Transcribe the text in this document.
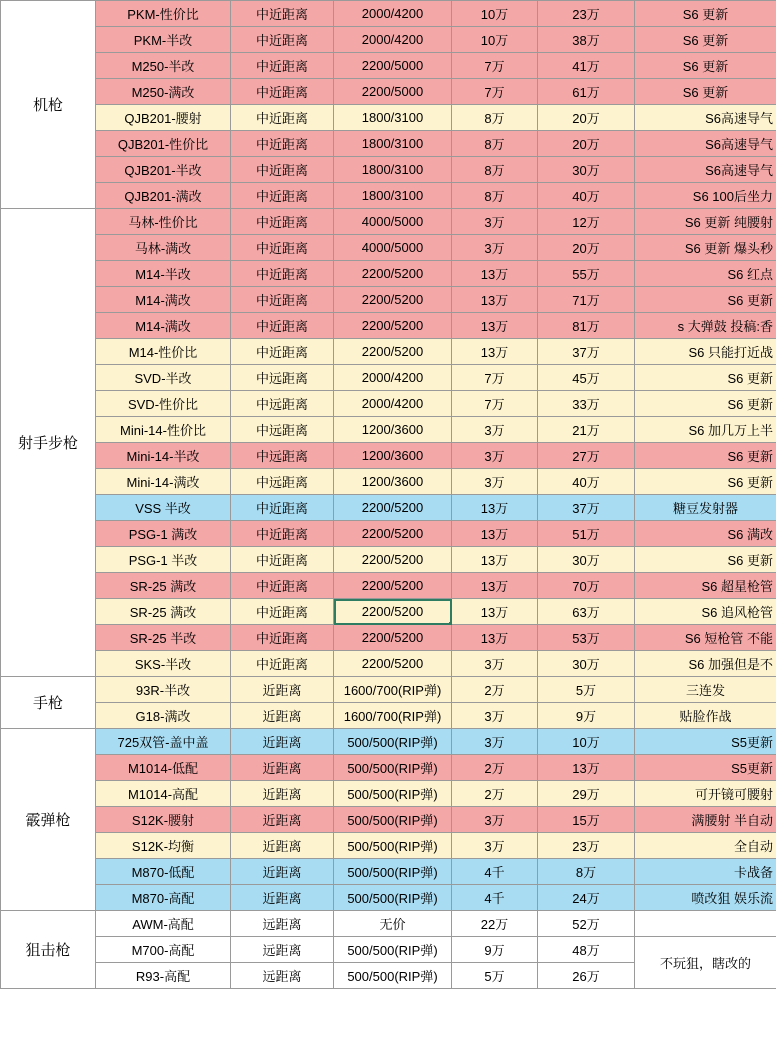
机枪	PKM-性价比	中近距离	2000/4200	10万	23万	S6 更新
	PKM-半改	中近距离	2000/4200	10万	38万	S6 更新
	M250-半改	中近距离	2200/5000	7万	41万	S6 更新
	M250-满改	中近距离	2200/5000	7万	61万	S6 更新
	QJB201-腰射	中近距离	1800/3100	8万	20万	S6高速导气
	QJB201-性价比	中近距离	1800/3100	8万	20万	S6高速导气
	QJB201-半改	中近距离	1800/3100	8万	30万	S6高速导气
	QJB201-满改	中近距离	1800/3100	8万	40万	S6 100后坐力
射手步枪	马林-性价比	中近距离	4000/5000	3万	12万	S6 更新 纯腰射
	马林-满改	中近距离	4000/5000	3万	20万	S6 更新 爆头秒
	M14-半改	中近距离	2200/5200	13万	55万	S6 红点
	M14-满改	中近距离	2200/5200	13万	71万	S6 更新
	M14-满改	中近距离	2200/5200	13万	81万	s 大弹鼓 投稿:香
	M14-性价比	中近距离	2200/5200	13万	37万	S6 只能打近战
	SVD-半改	中远距离	2000/4200	7万	45万	S6 更新
	SVD-性价比	中远距离	2000/4200	7万	33万	S6 更新
	Mini-14-性价比	中远距离	1200/3600	3万	21万	S6 加几万上半
	Mini-14-半改	中远距离	1200/3600	3万	27万	S6 更新
	Mini-14-满改	中远距离	1200/3600	3万	40万	S6 更新
	VSS 半改	中近距离	2200/5200	13万	37万	糖豆发射器
	PSG-1 满改	中近距离	2200/5200	13万	51万	S6 满改
	PSG-1 半改	中近距离	2200/5200	13万	30万	S6 更新
	SR-25 满改	中近距离	2200/5200	13万	70万	S6 超星枪管
	SR-25 满改	中近距离	2200/5200	13万	63万	S6 追风枪管
	SR-25 半改	中近距离	2200/5200	13万	53万	S6 短枪管 不能
	SKS-半改	中近距离	2200/5200	3万	30万	S6 加强但是不
手枪	93R-半改	近距离	1600/700(RIP弹)	2万	5万	三连发
	G18-满改	近距离	1600/700(RIP弹)	3万	9万	贴脸作战
霰弹枪	725双管-盖中盖	近距离	500/500(RIP弹)	3万	10万	S5更新
	M1014-低配	近距离	500/500(RIP弹)	2万	13万	S5更新
	M1014-高配	近距离	500/500(RIP弹)	2万	29万	可开镜可腰射
	S12K-腰射	近距离	500/500(RIP弹)	3万	15万	满腰射 半自动
	S12K-均衡	近距离	500/500(RIP弹)	3万	23万	全自动
	M870-低配	近距离	500/500(RIP弹)	4千	8万	卡战备
	M870-高配	近距离	500/500(RIP弹)	4千	24万	喷改狙 娱乐流
狙击枪	AWM-高配	远距离	无价	22万	52万	
	M700-高配	远距离	500/500(RIP弹)	9万	48万	不玩狙，瞎改的
	R93-高配	远距离	500/500(RIP弹)	5万	26万	
